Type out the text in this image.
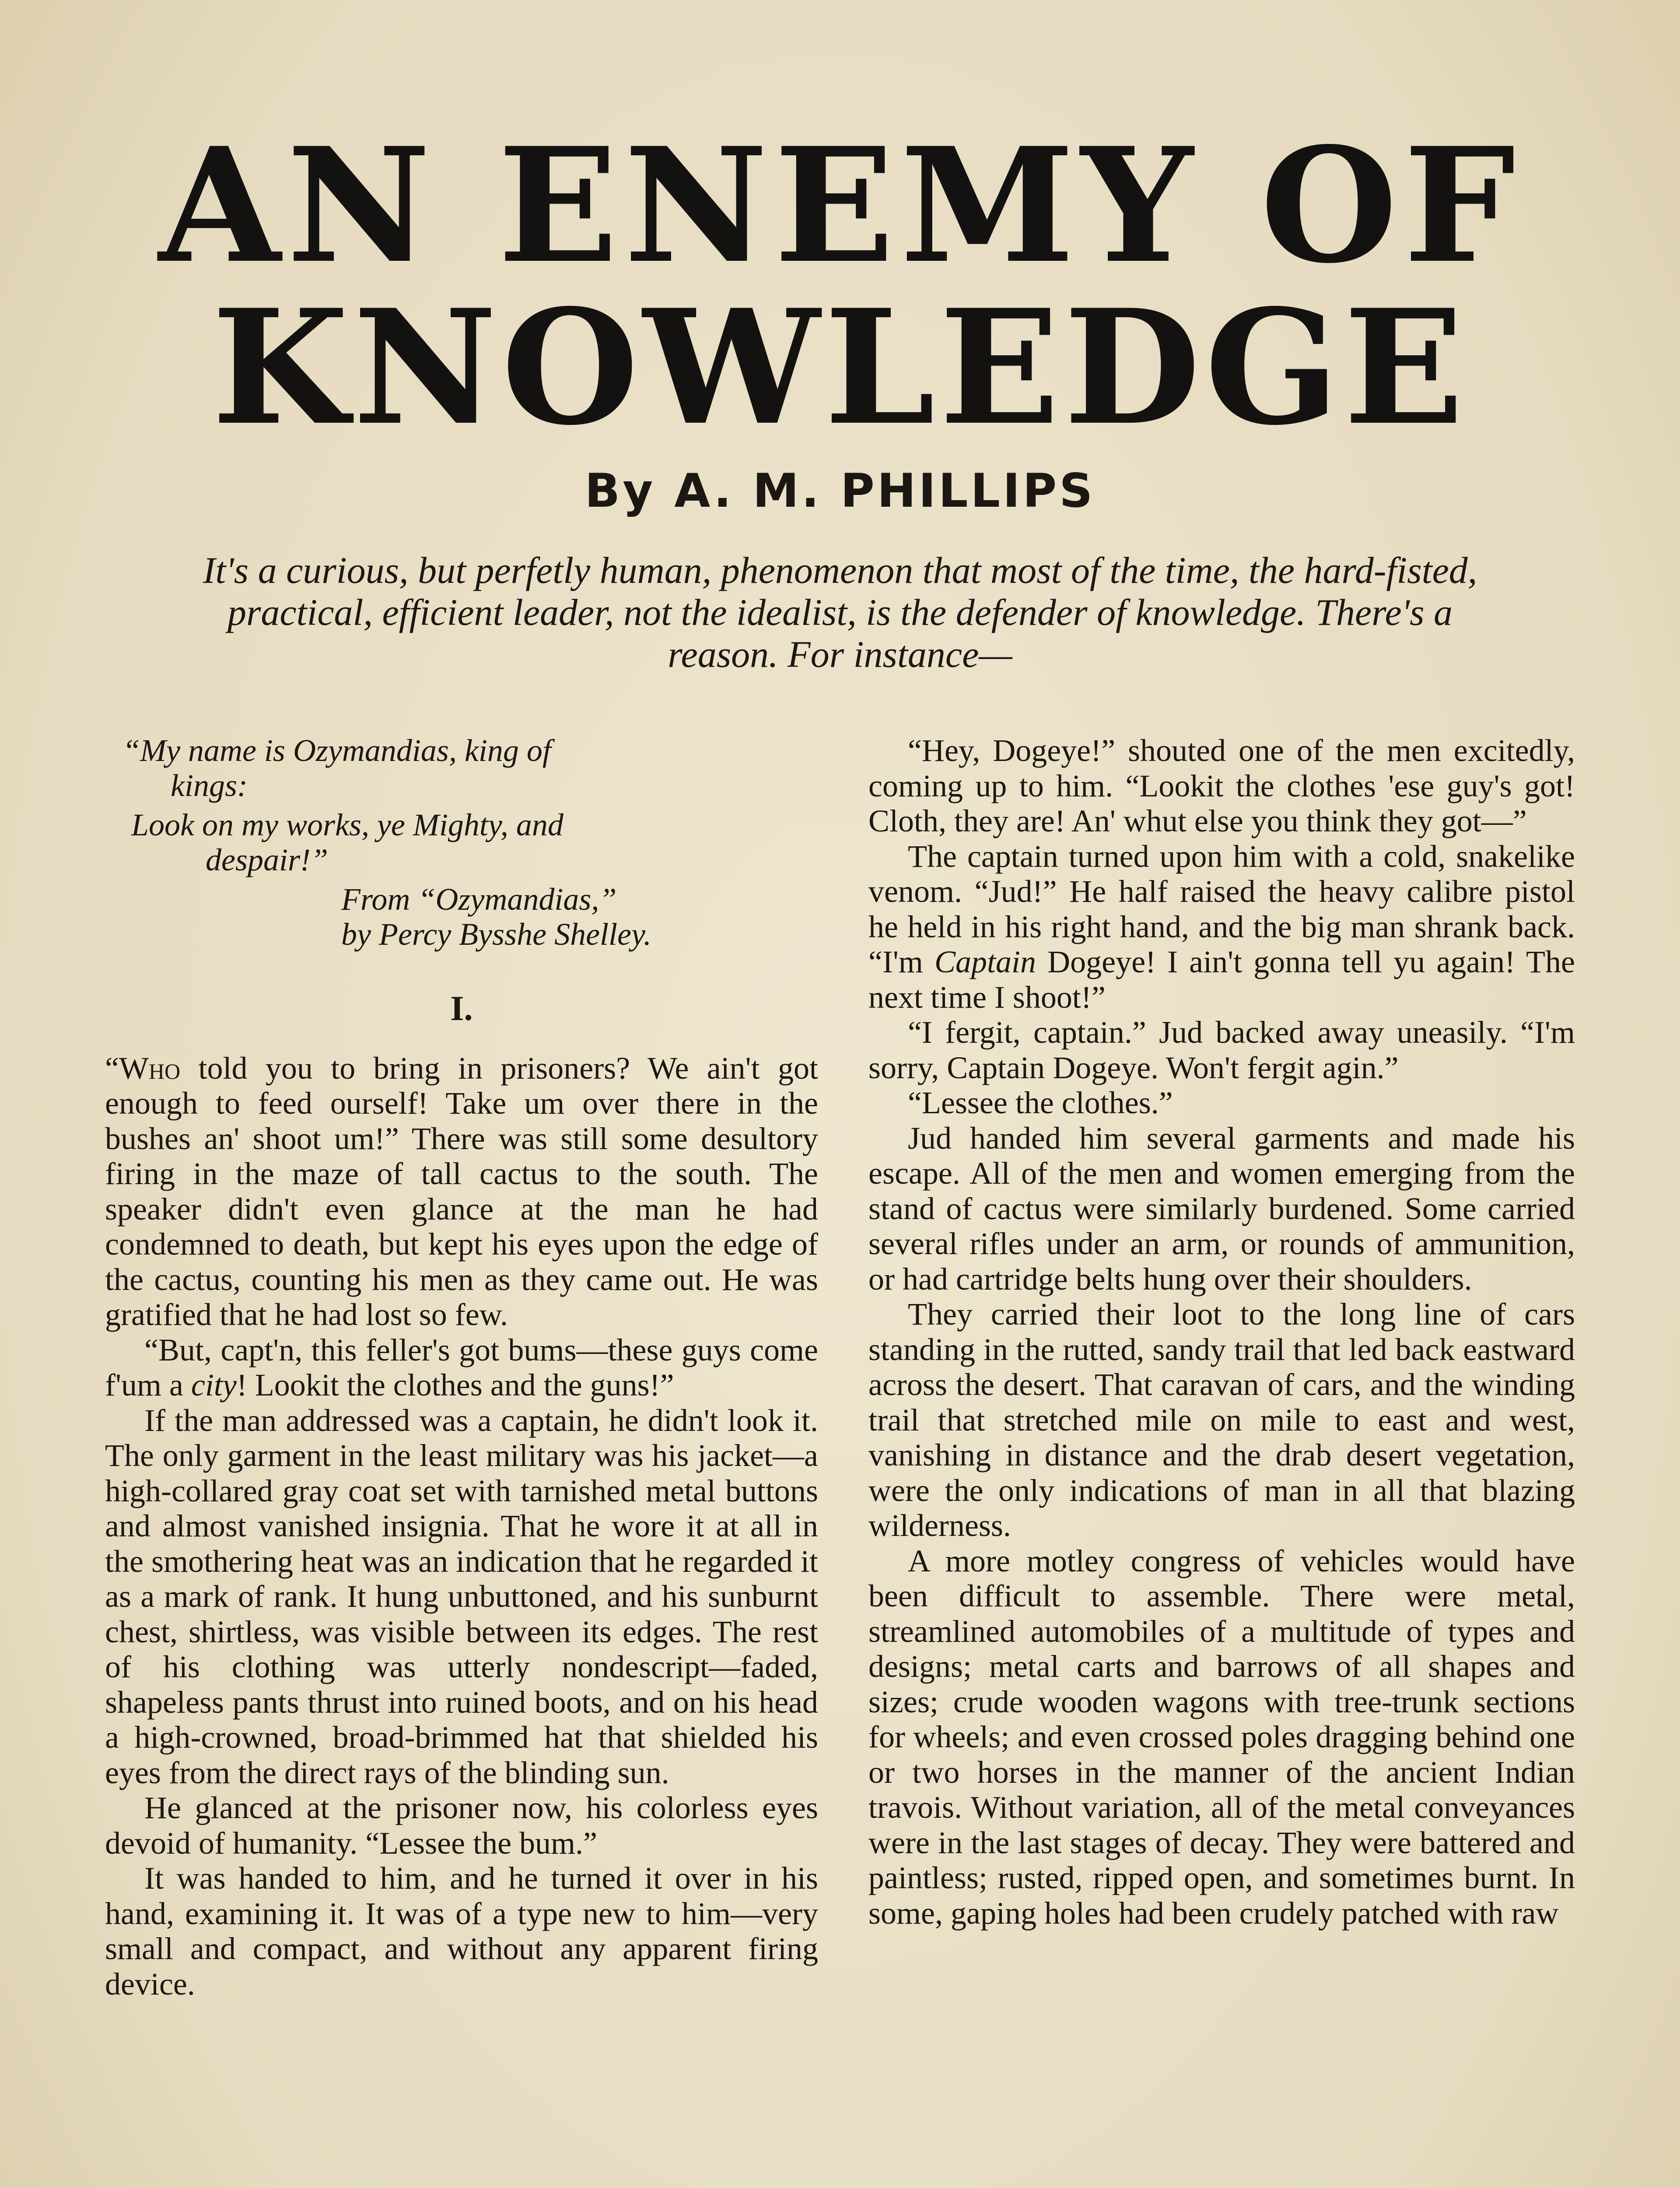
AN ENEMY OF
KNOWLEDGE
By A. M. PHILLIPS
It's a curious, but perfetly human, phenomenon that most of the time, the hard-fisted, practical, efficient leader, not the idealist, is the defender of knowledge. There's a reason. For instance—
“My name is Ozymandias, king of
kings:
Look on my works, ye Mighty, and
despair!”
From “Ozymandias,”
by Percy Bysshe Shelley.
I.

“Who told you to bring in prisoners? We ain't got enough to feed ourself! Take um over there in the bushes an' shoot um!” There was still some desultory firing in the maze of tall cactus to the south. The speaker didn't even glance at the man he had condemned to death, but kept his eyes upon the edge of the cactus, counting his men as they came out. He was gratified that he had lost so few.

“But, capt'n, this feller's got bums—these guys come f'um a city! Lookit the clothes and the guns!”

If the man addressed was a captain, he didn't look it. The only garment in the least military was his jacket—a high-collared gray coat set with tarnished metal buttons and almost vanished insignia. That he wore it at all in the smothering heat was an indication that he regarded it as a mark of rank. It hung unbuttoned, and his sunburnt chest, shirtless, was visible between its edges. The rest of his clothing was utterly nondescript—faded, shapeless pants thrust into ruined boots, and on his head a high-crowned, broad-brimmed hat that shielded his eyes from the direct rays of the blinding sun.

He glanced at the prisoner now, his colorless eyes devoid of humanity. “Lessee the bum.”

It was handed to him, and he turned it over in his hand, examining it. It was of a type new to him—very small and compact, and without any apparent firing device.

“Hey, Dogeye!” shouted one of the men excitedly, coming up to him. “Lookit the clothes 'ese guy's got! Cloth, they are! An' whut else you think they got—”

The captain turned upon him with a cold, snakelike venom. “Jud!” He half raised the heavy calibre pistol he held in his right hand, and the big man shrank back. “I'm Captain Dogeye! I ain't gonna tell yu again! The next time I shoot!”

“I fergit, captain.” Jud backed away uneasily. “I'm sorry, Captain Dogeye. Won't fergit agin.”

“Lessee the clothes.”

Jud handed him several garments and made his escape. All of the men and women emerging from the stand of cactus were similarly burdened. Some carried several rifles under an arm, or rounds of ammunition, or had cartridge belts hung over their shoulders.

They carried their loot to the long line of cars standing in the rutted, sandy trail that led back eastward across the desert. That caravan of cars, and the winding trail that stretched mile on mile to east and west, vanishing in distance and the drab desert vegetation, were the only indications of man in all that blazing wilderness.

A more motley congress of vehicles would have been difficult to assemble. There were metal, streamlined automobiles of a multitude of types and designs; metal carts and barrows of all shapes and sizes; crude wooden wagons with tree-trunk sections for wheels; and even crossed poles dragging behind one or two horses in the manner of the ancient Indian travois. Without variation, all of the metal conveyances were in the last stages of decay. They were battered and paintless; rusted, ripped open, and sometimes burnt. In some, gaping holes had been crudely patched with raw
